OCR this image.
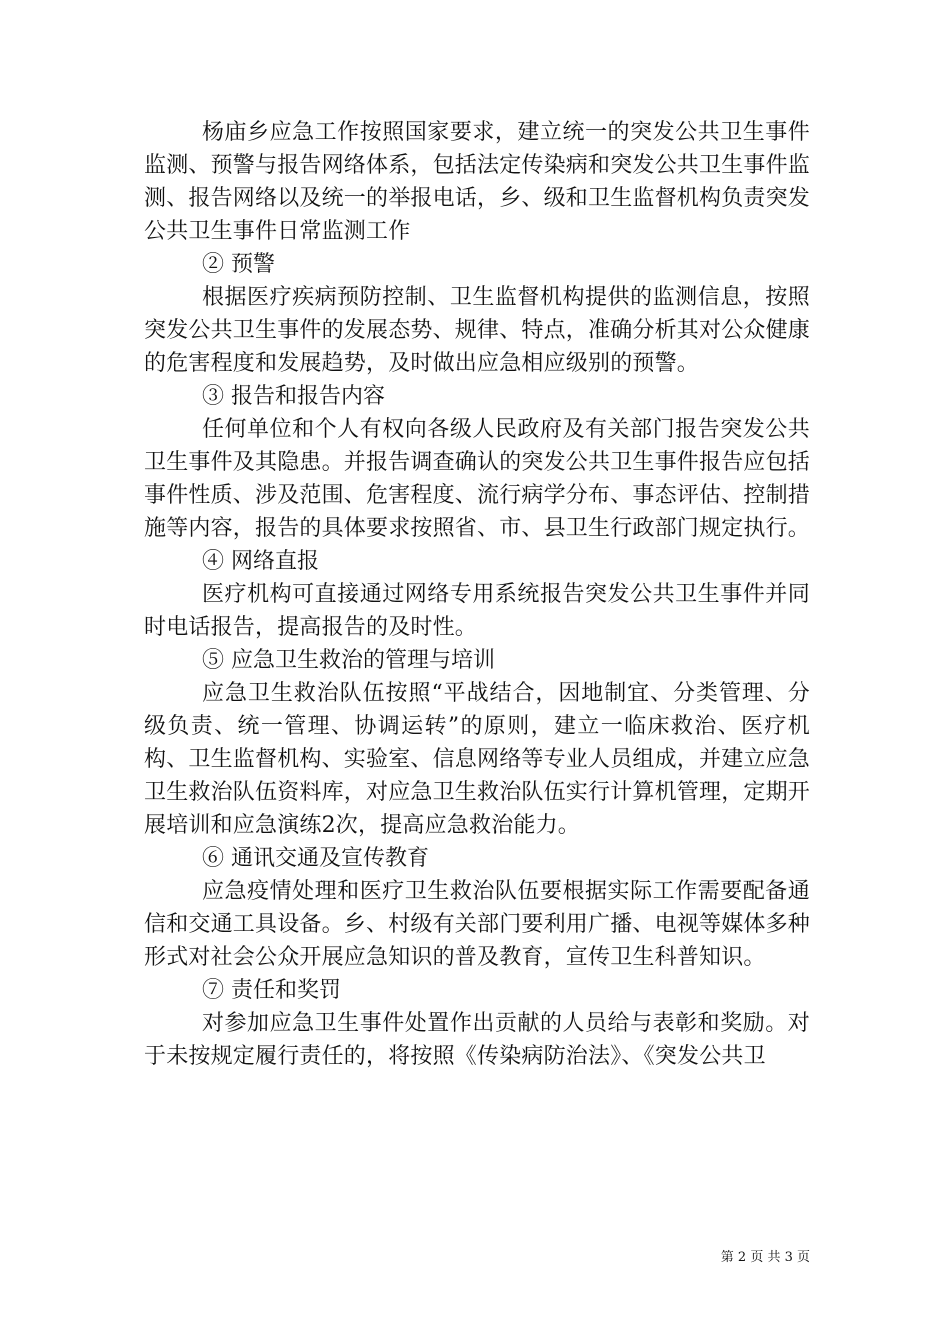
杨庙乡应急工作按照国家要求，建立统一的突发公共卫生事件监测、预警与报告网络体系，包括法定传染病和突发公共卫生事件监测、报告网络以及统一的举报电话，乡、级和卫生监督机构负责突发公共卫生事件日常监测工作

② 预警

根据医疗疾病预防控制、卫生监督机构提供的监测信息，按照突发公共卫生事件的发展态势、规律、特点，准确分析其对公众健康的危害程度和发展趋势，及时做出应急相应级别的预警。

③ 报告和报告内容

任何单位和个人有权向各级人民政府及有关部门报告突发公共卫生事件及其隐患。并报告调查确认的突发公共卫生事件报告应包括事件性质、涉及范围、危害程度、流行病学分布、事态评估、控制措施等内容，报告的具体要求按照省、市、县卫生行政部门规定执行。

④ 网络直报

医疗机构可直接通过网络专用系统报告突发公共卫生事件并同时电话报告，提高报告的及时性。

⑤ 应急卫生救治的管理与培训

应急卫生救治队伍按照“平战结合，因地制宜、分类管理、分级负责、统一管理、协调运转”的原则，建立一临床救治、医疗机构、卫生监督机构、实验室、信息网络等专业人员组成，并建立应急卫生救治队伍资料库，对应急卫生救治队伍实行计算机管理，定期开展培训和应急演练2次，提高应急救治能力。

⑥ 通讯交通及宣传教育

应急疫情处理和医疗卫生救治队伍要根据实际工作需要配备通信和交通工具设备。乡、村级有关部门要利用广播、电视等媒体多种形式对社会公众开展应急知识的普及教育，宣传卫生科普知识。

⑦ 责任和奖罚

对参加应急卫生事件处置作出贡献的人员给与表彰和奖励。对于未按规定履行责任的，将按照《传染病防治法》、《突发公共卫

第 2 页 共 3 页
